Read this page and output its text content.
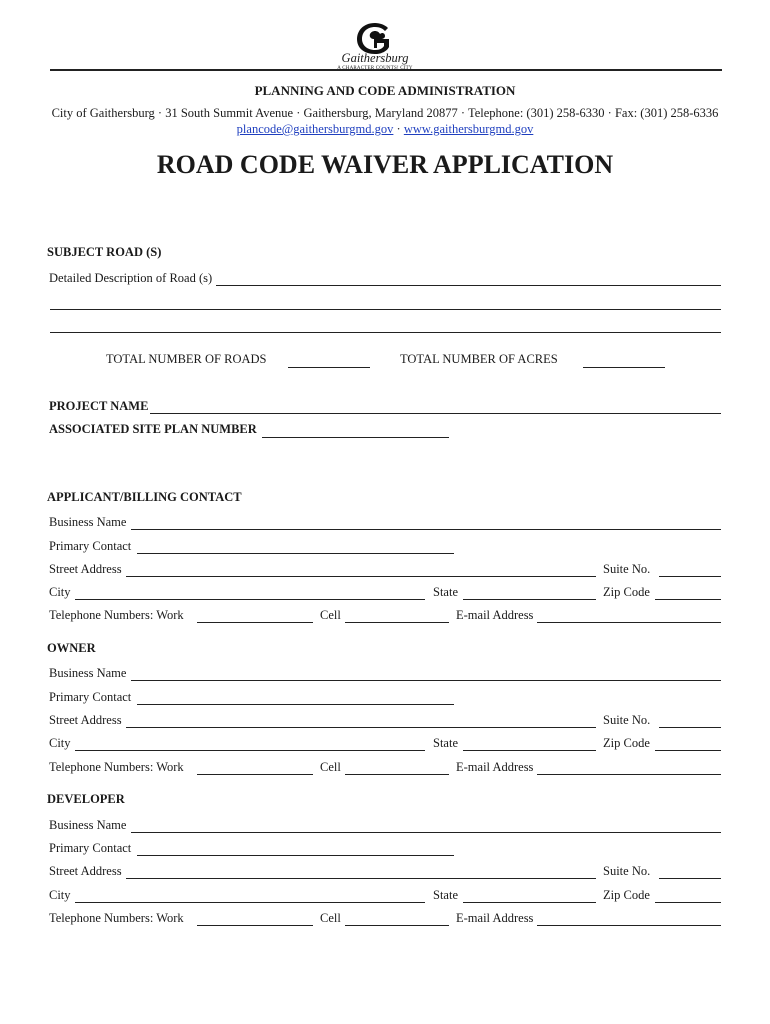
Gaithersburg
A CHARACTER COUNTS! CITY
PLANNING AND CODE ADMINISTRATION
City of Gaithersburg · 31 South Summit Avenue · Gaithersburg, Maryland 20877 · Telephone: (301) 258-6330 · Fax: (301) 258-6336
plancode@gaithersburgmd.gov · www.gaithersburgmd.gov
ROAD CODE WAIVER APPLICATION
SUBJECT ROAD (S)
Detailed Description of Road (s)
TOTAL NUMBER OF ROADS	TOTAL NUMBER OF ACRES
PROJECT NAME
ASSOCIATED SITE PLAN NUMBER
APPLICANT/BILLING CONTACT
Business Name
Primary Contact
Street Address	Suite No.
City	State	Zip Code
Telephone Numbers: Work	Cell	E-mail Address
OWNER
Business Name
Primary Contact
Street Address	Suite No.
City	State	Zip Code
Telephone Numbers: Work	Cell	E-mail Address
DEVELOPER
Business Name
Primary Contact
Street Address	Suite No.
City	State	Zip Code
Telephone Numbers: Work	Cell	E-mail Address
